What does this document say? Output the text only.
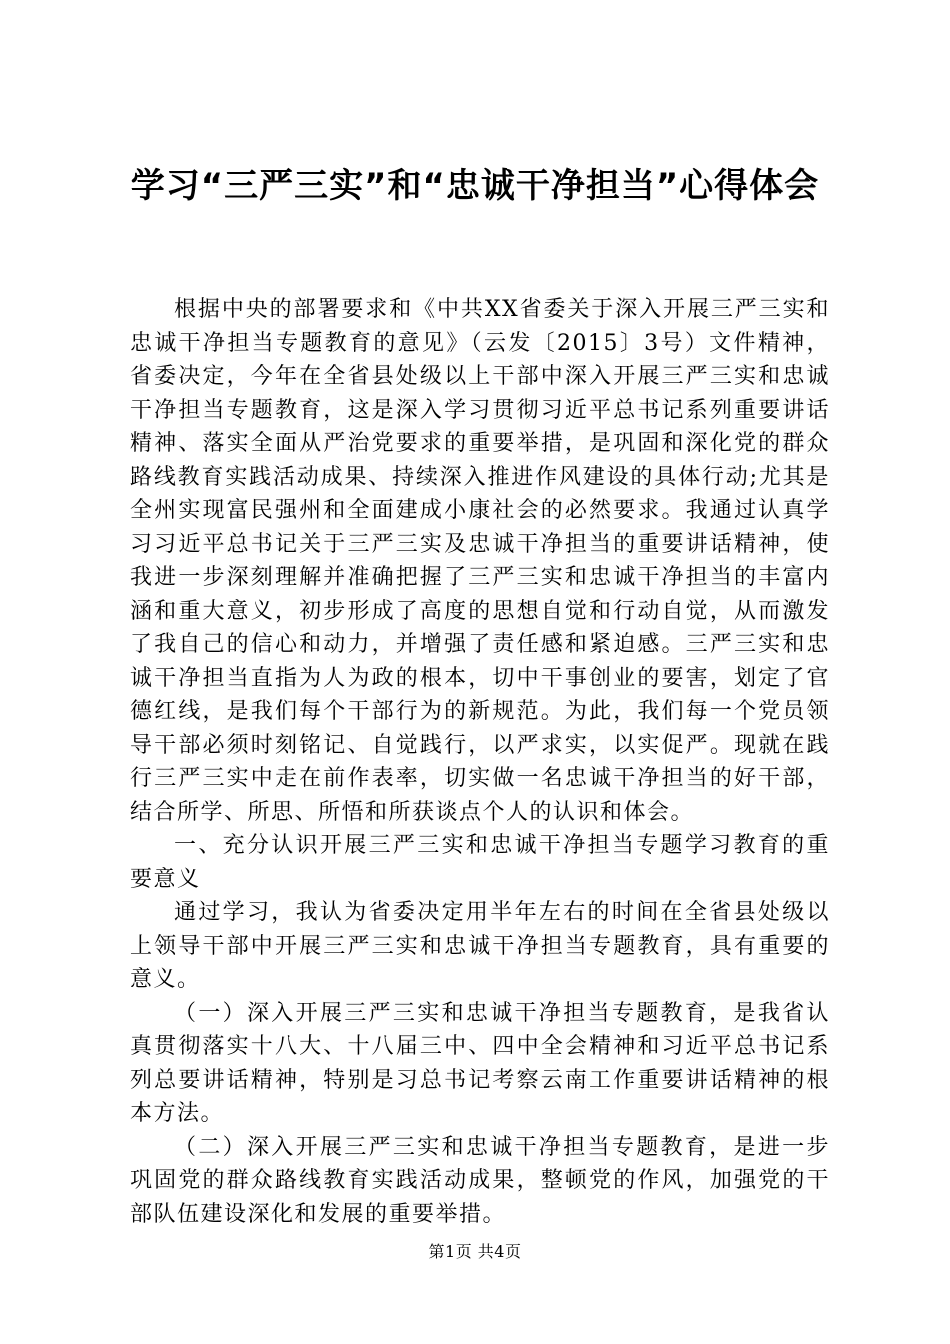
学习“三严三实”和“忠诚干净担当”心得体会

根据中央的部署要求和《中共XX省委关于深入开展三严三实和忠诚干净担当专题教育的意见》（云发〔2015〕3号）文件精神，省委决定，今年在全省县处级以上干部中深入开展三严三实和忠诚干净担当专题教育，这是深入学习贯彻习近平总书记系列重要讲话精神、落实全面从严治党要求的重要举措，是巩固和深化党的群众路线教育实践活动成果、持续深入推进作风建设的具体行动;尤其是全州实现富民强州和全面建成小康社会的必然要求。我通过认真学习习近平总书记关于三严三实及忠诚干净担当的重要讲话精神，使我进一步深刻理解并准确把握了三严三实和忠诚干净担当的丰富内涵和重大意义，初步形成了高度的思想自觉和行动自觉，从而激发了我自己的信心和动力，并增强了责任感和紧迫感。三严三实和忠诚干净担当直指为人为政的根本，切中干事创业的要害，划定了官德红线，是我们每个干部行为的新规范。为此，我们每一个党员领导干部必须时刻铭记、自觉践行，以严求实，以实促严。现就在践行三严三实中走在前作表率，切实做一名忠诚干净担当的好干部，结合所学、所思、所悟和所获谈点个人的认识和体会。

一、充分认识开展三严三实和忠诚干净担当专题学习教育的重要意义

通过学习，我认为省委决定用半年左右的时间在全省县处级以上领导干部中开展三严三实和忠诚干净担当专题教育，具有重要的意义。

（一）深入开展三严三实和忠诚干净担当专题教育，是我省认真贯彻落实十八大、十八届三中、四中全会精神和习近平总书记系列总要讲话精神，特别是习总书记考察云南工作重要讲话精神的根本方法。

（二）深入开展三严三实和忠诚干净担当专题教育，是进一步巩固党的群众路线教育实践活动成果，整顿党的作风，加强党的干部队伍建设深化和发展的重要举措。

第1页 共4页
